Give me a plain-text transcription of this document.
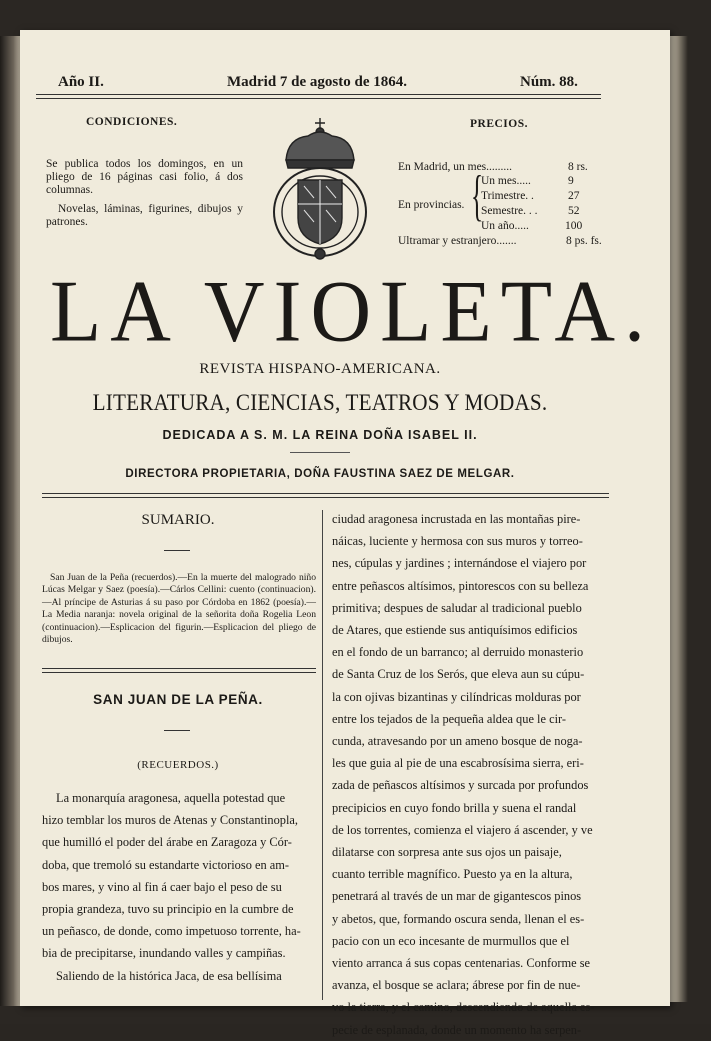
Año II.	Madrid 7 de agosto de 1864.	Núm. 88.
CONDICIONES.
Se publica todos los domingos, en un pliego de 16 páginas casi folio, á dos columnas.
Novelas, láminas, figurines, dibujos y patrones.
PRECIOS.
En Madrid, un mes.........	8 rs.
En provincias. {
Un mes.....	9
Trimestre. .	27
Semestre. . .	52
Un año.....	100
Ultramar y estranjero.......	8 ps. fs.
LA VIOLETA.
REVISTA HISPANO-AMERICANA.
LITERATURA, CIENCIAS, TEATROS Y MODAS.
DEDICADA A S. M. LA REINA DOÑA ISABEL II.
DIRECTORA PROPIETARIA, DOÑA FAUSTINA SAEZ DE MELGAR.
SUMARIO.
San Juan de la Peña (recuerdos).—En la muerte del malogrado niño Lúcas Melgar y Saez (poesía).—Cárlos Cellini: cuento (continuacion).—Al príncipe de Asturias á su paso por Córdoba en 1862 (poesía).—La Media naranja: novela original de la señorita doña Rogelia Leon (continuacion).—Esplicacion del figurin.—Esplicacion del pliego de dibujos.
SAN JUAN DE LA PEÑA.
(RECUERDOS.)
La monarquía aragonesa, aquella potestad que
hizo temblar los muros de Atenas y Constantinopla,
que humilló el poder del árabe en Zaragoza y Cór-
doba, que tremoló su estandarte victorioso en am-
bos mares, y vino al fin á caer bajo el peso de su
propia grandeza, tuvo su principio en la cumbre de
un peñasco, de donde, como impetuoso torrente, ha-
bia de precipitarse, inundando valles y campiñas.
Saliendo de la histórica Jaca, de esa bellísima
ciudad aragonesa incrustada en las montañas pire-
náicas, luciente y hermosa con sus muros y torreo-
nes, cúpulas y jardines ; internándose el viajero por
entre peñascos altísimos, pintorescos con su belleza
primitiva; despues de saludar al tradicional pueblo
de Atares, que estiende sus antiquísimos edificios
en el fondo de un barranco; al derruido monasterio
de Santa Cruz de los Serós, que eleva aun su cúpu-
la con ojivas bizantinas y cilíndricas molduras por
entre los tejados de la pequeña aldea que le cir-
cunda, atravesando por un ameno bosque de noga-
les que guia al pie de una escabrosísima sierra, eri-
zada de peñascos altísimos y surcada por profundos
precipicios en cuyo fondo brilla y suena el randal
de los torrentes, comienza el viajero á ascender, y ve
dilatarse con sorpresa ante sus ojos un paisaje,
cuanto terrible magnífico. Puesto ya en la altura,
penetrará al través de un mar de gigantescos pinos
y abetos, que, formando oscura senda, llenan el es-
pacio con un eco incesante de murmullos que el
viento arranca á sus copas centenarias. Conforme se
avanza, el bosque se aclara; ábrese por fin de nue-
vo la tierra, y el camino, descendiendo de aquella es-
pecie de esplanada, donde un momento ha serpen-
